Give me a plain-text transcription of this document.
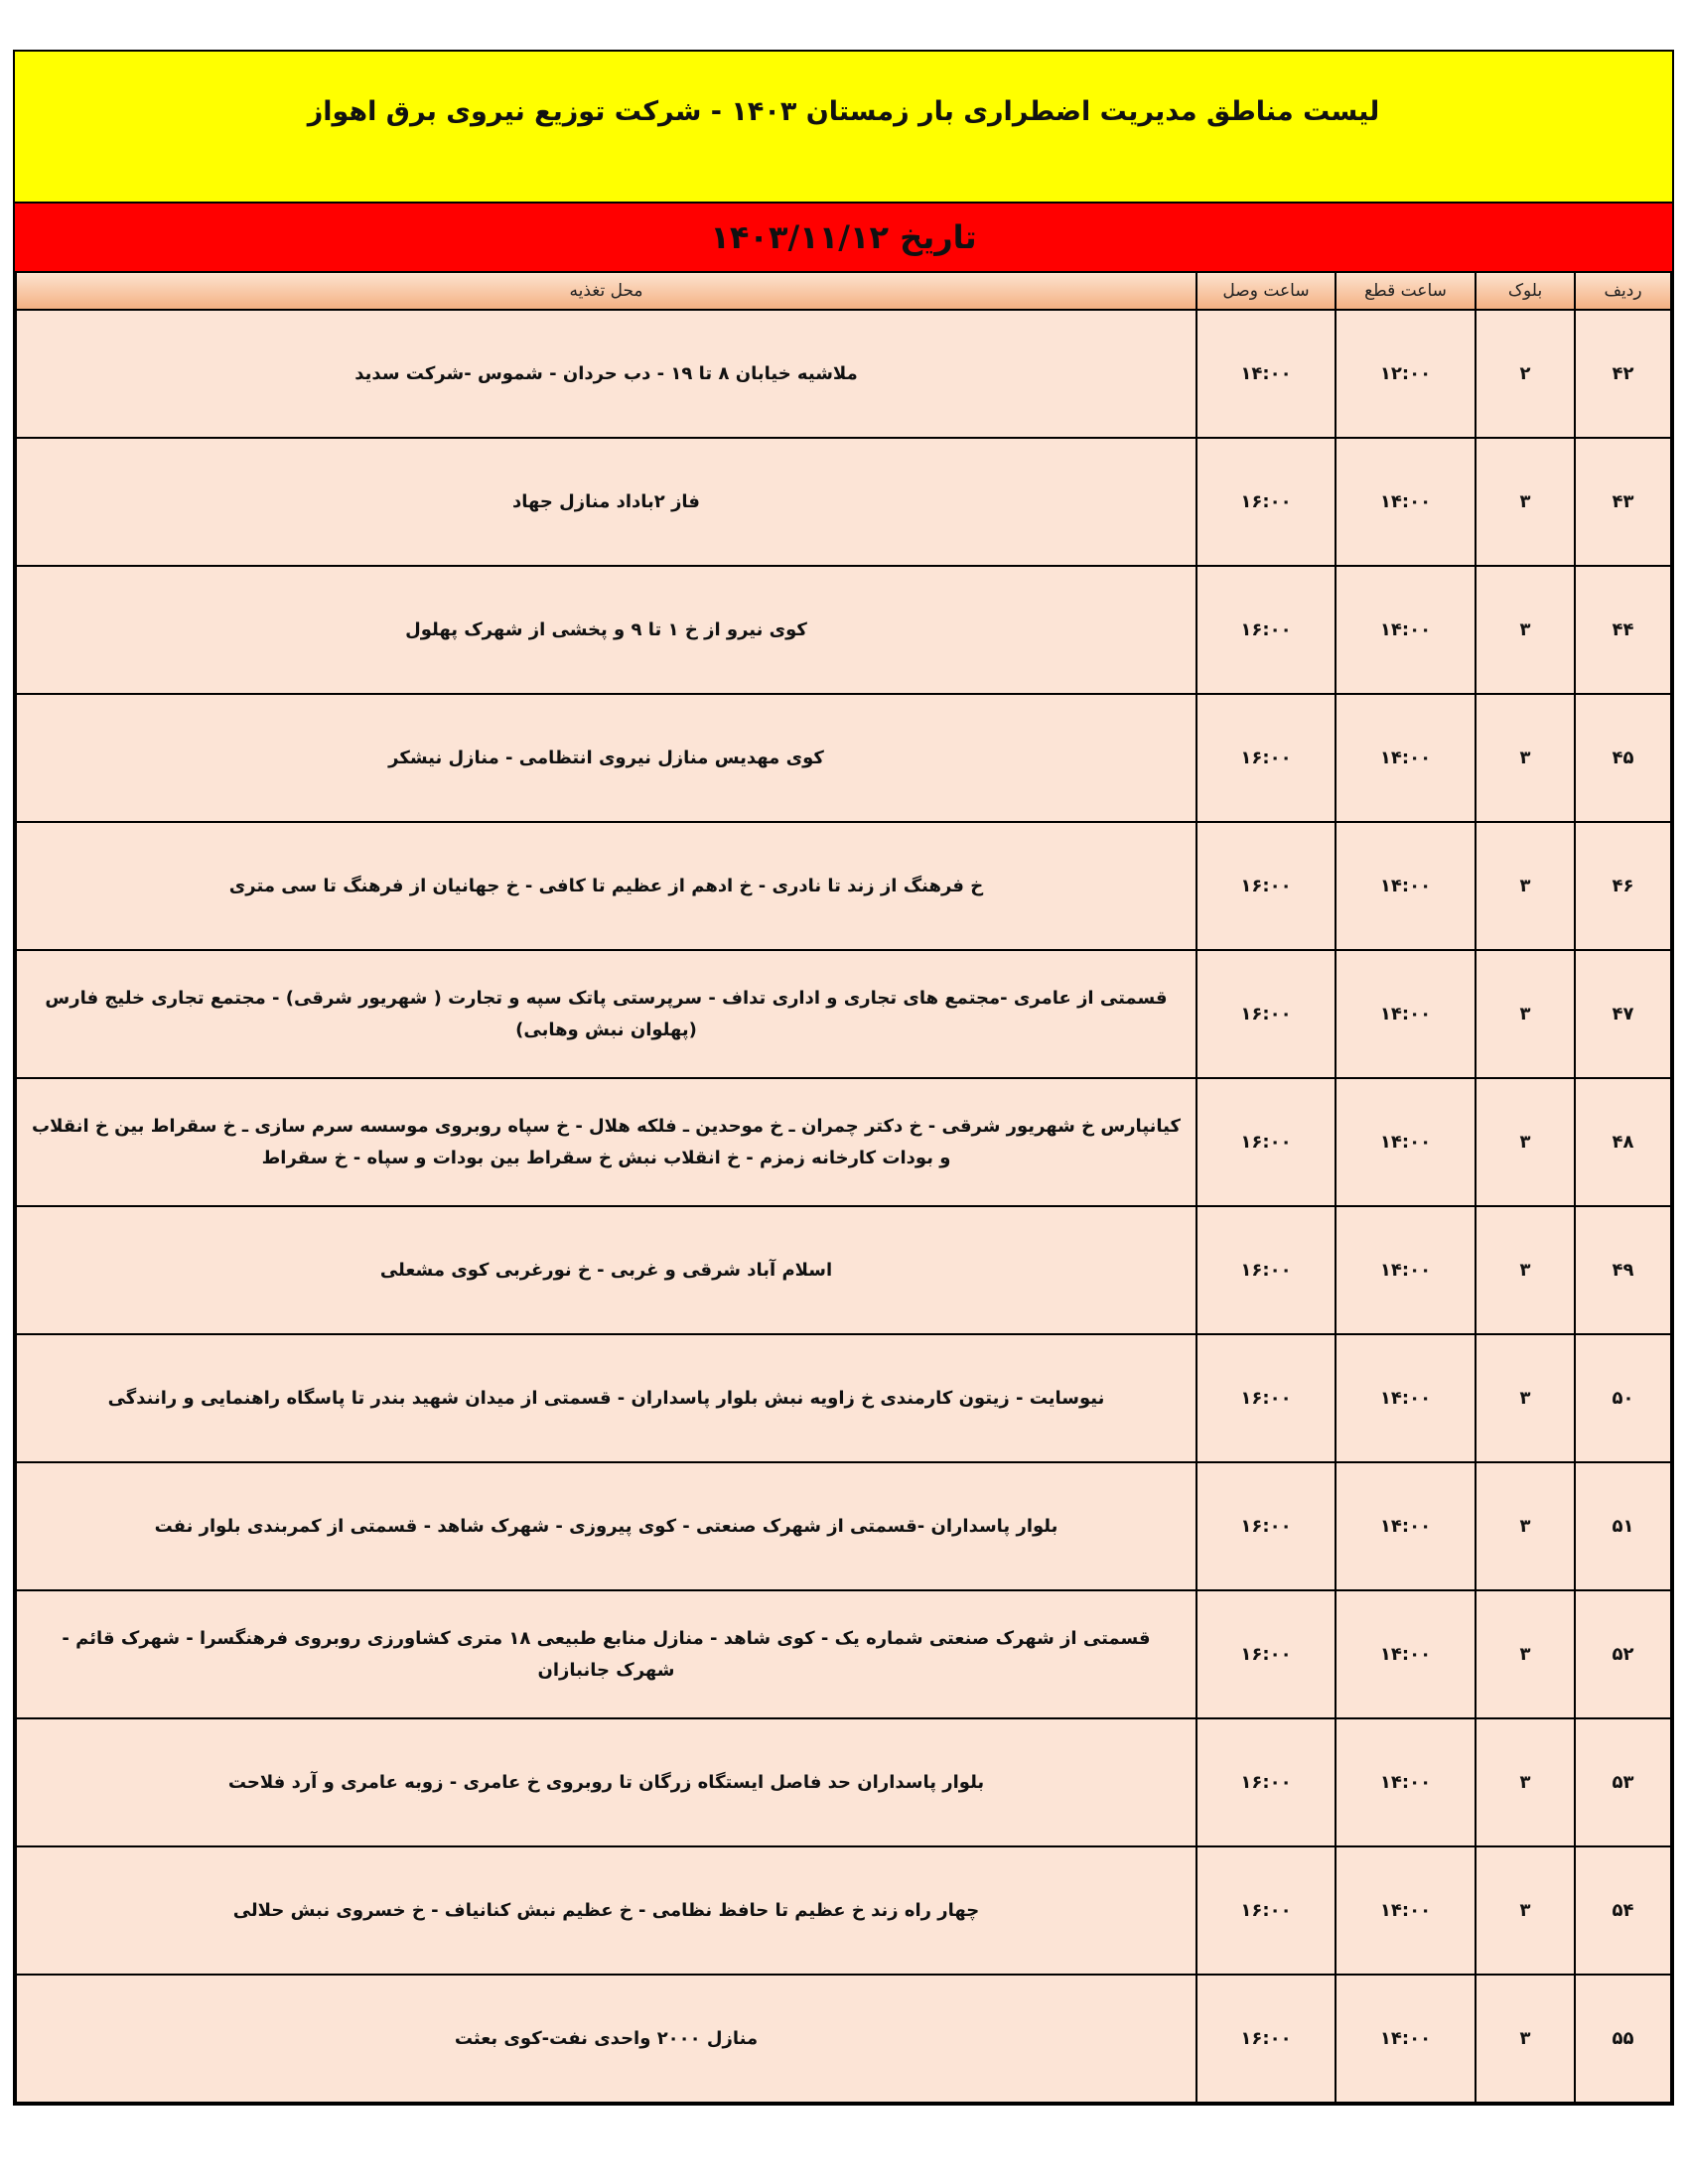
لیست مناطق مدیریت اضطراری بار زمستان ۱۴۰۳ - شرکت توزیع نیروی برق اهواز
تاریخ ۱۴۰۳/۱۱/۱۲
ردیف	بلوک	ساعت قطع	ساعت وصل	محل تغذیه
۴۲	۲	۱۲:۰۰	۱۴:۰۰	ملاشیه خیابان ۸ تا ۱۹ - دب حردان - شموس -شرکت سدید
۴۳	۳	۱۴:۰۰	۱۶:۰۰	فاز ۲باداد منازل جهاد
۴۴	۳	۱۴:۰۰	۱۶:۰۰	کوی نیرو از خ ۱ تا ۹ و پخشی از شهرک پهلول
۴۵	۳	۱۴:۰۰	۱۶:۰۰	کوی مهدیس منازل نیروی انتظامی - منازل نیشکر
۴۶	۳	۱۴:۰۰	۱۶:۰۰	خ فرهنگ از زند تا نادری - خ ادهم از عظیم تا کافی - خ جهانیان از فرهنگ تا سی متری
۴۷	۳	۱۴:۰۰	۱۶:۰۰	قسمتی از عامری -مجتمع های تجاری و اداری تداف - سرپرستی پاتک سپه و تجارت ( شهریور شرقی) - مجتمع تجاری خلیج فارس (پهلوان نبش وهابی)
۴۸	۳	۱۴:۰۰	۱۶:۰۰	کیانپارس خ شهریور شرقی - خ دکتر چمران ـ خ موحدین ـ فلکه هلال - خ سپاه روبروی موسسه سرم سازی ـ خ سقراط بین خ انقلاب و بودات کارخانه زمزم - خ انقلاب نبش خ سقراط بین بودات و سپاه - خ سقراط
۴۹	۳	۱۴:۰۰	۱۶:۰۰	اسلام آباد شرقی و غربی - خ نورغربی کوی مشعلی
۵۰	۳	۱۴:۰۰	۱۶:۰۰	نیوسایت - زیتون کارمندی خ زاویه نبش بلوار پاسداران - قسمتی از میدان شهید بندر تا پاسگاه راهنمایی و رانندگی
۵۱	۳	۱۴:۰۰	۱۶:۰۰	بلوار پاسداران -قسمتی از شهرک صنعتی - کوی پیروزی - شهرک شاهد - قسمتی از کمربندی بلوار نفت
۵۲	۳	۱۴:۰۰	۱۶:۰۰	قسمتی از شهرک صنعتی شماره یک - کوی شاهد - منازل منابع طبیعی ۱۸ متری کشاورزی روبروی فرهنگسرا - شهرک قائم - شهرک جانبازان
۵۳	۳	۱۴:۰۰	۱۶:۰۰	بلوار پاسداران حد فاصل ایستگاه زرگان تا روبروی خ عامری - زوبه عامری و آرد فلاحت
۵۴	۳	۱۴:۰۰	۱۶:۰۰	چهار راه زند خ عظیم تا حافظ نظامی - خ عظیم نبش کنانیاف - خ خسروی نبش حلالی
۵۵	۳	۱۴:۰۰	۱۶:۰۰	منازل ۲۰۰۰ واحدی نفت-کوی بعثت
